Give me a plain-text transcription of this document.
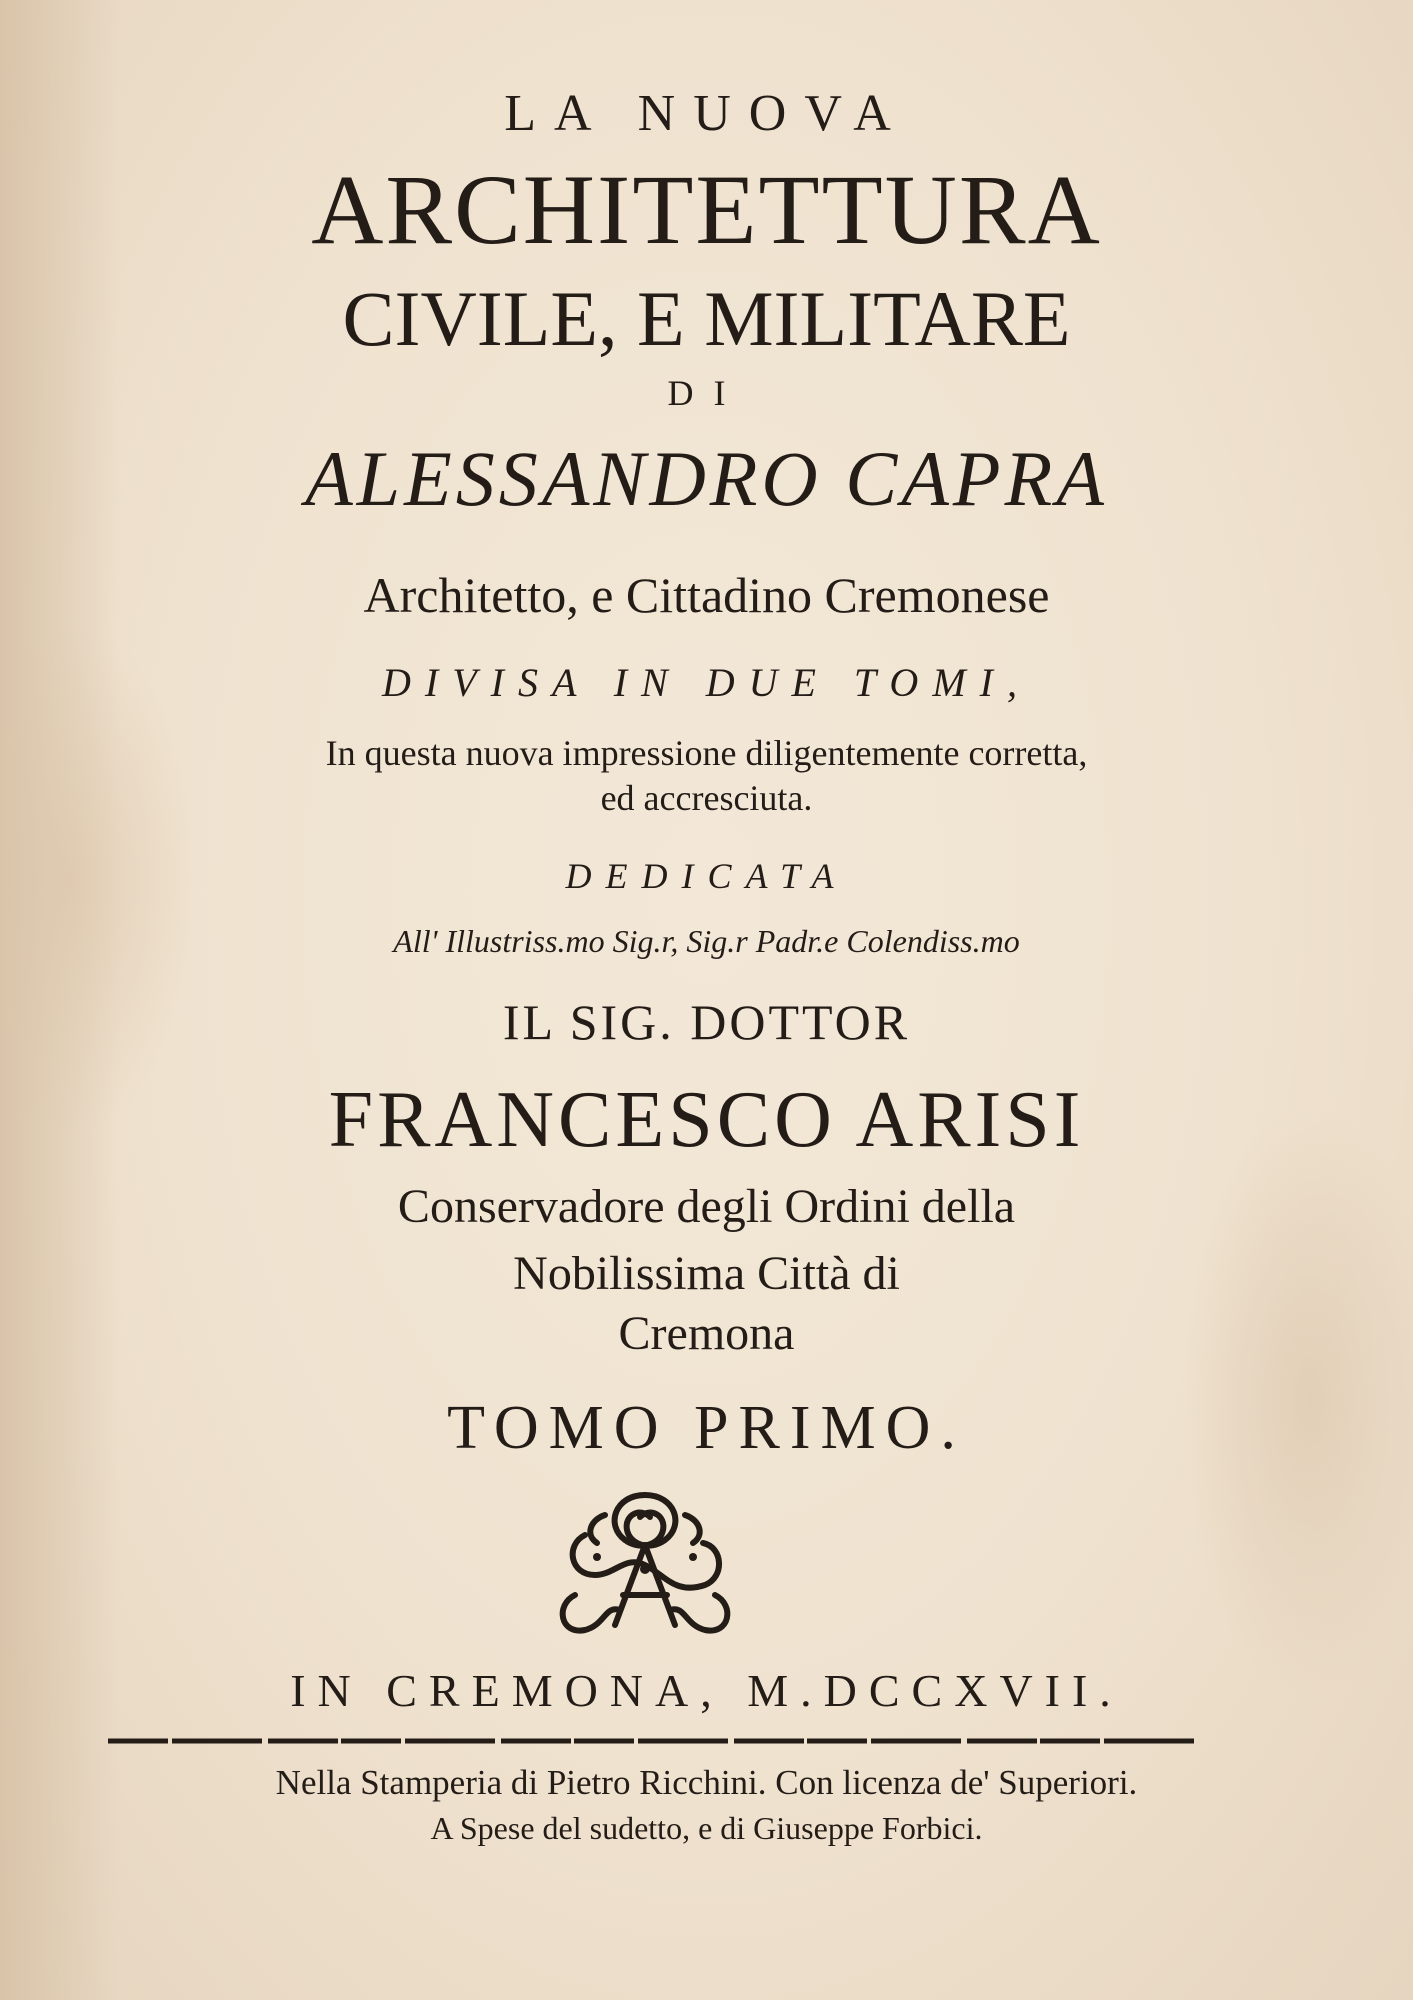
LA NUOVA
ARCHITETTURA
CIVILE, E MILITARE
DI
ALESSANDRO CAPRA
Architetto, e Cittadino Cremonese
DIVISA IN DUE TOMI,
In questa nuova impressione diligentemente corretta,
ed accresciuta.
DEDICATA
All' Illustriss.mo Sig.r, Sig.r Padr.e Colendiss.mo
IL SIG. DOTTOR
FRANCESCO ARISI
Conservadore degli Ordini della
Nobilissima Città di
Cremona
TOMO PRIMO.
IN CREMONA, M.DCCXVII.
Nella Stamperia di Pietro Ricchini. Con licenza de' Superiori.
A Spese del sudetto, e di Giuseppe Forbici.
